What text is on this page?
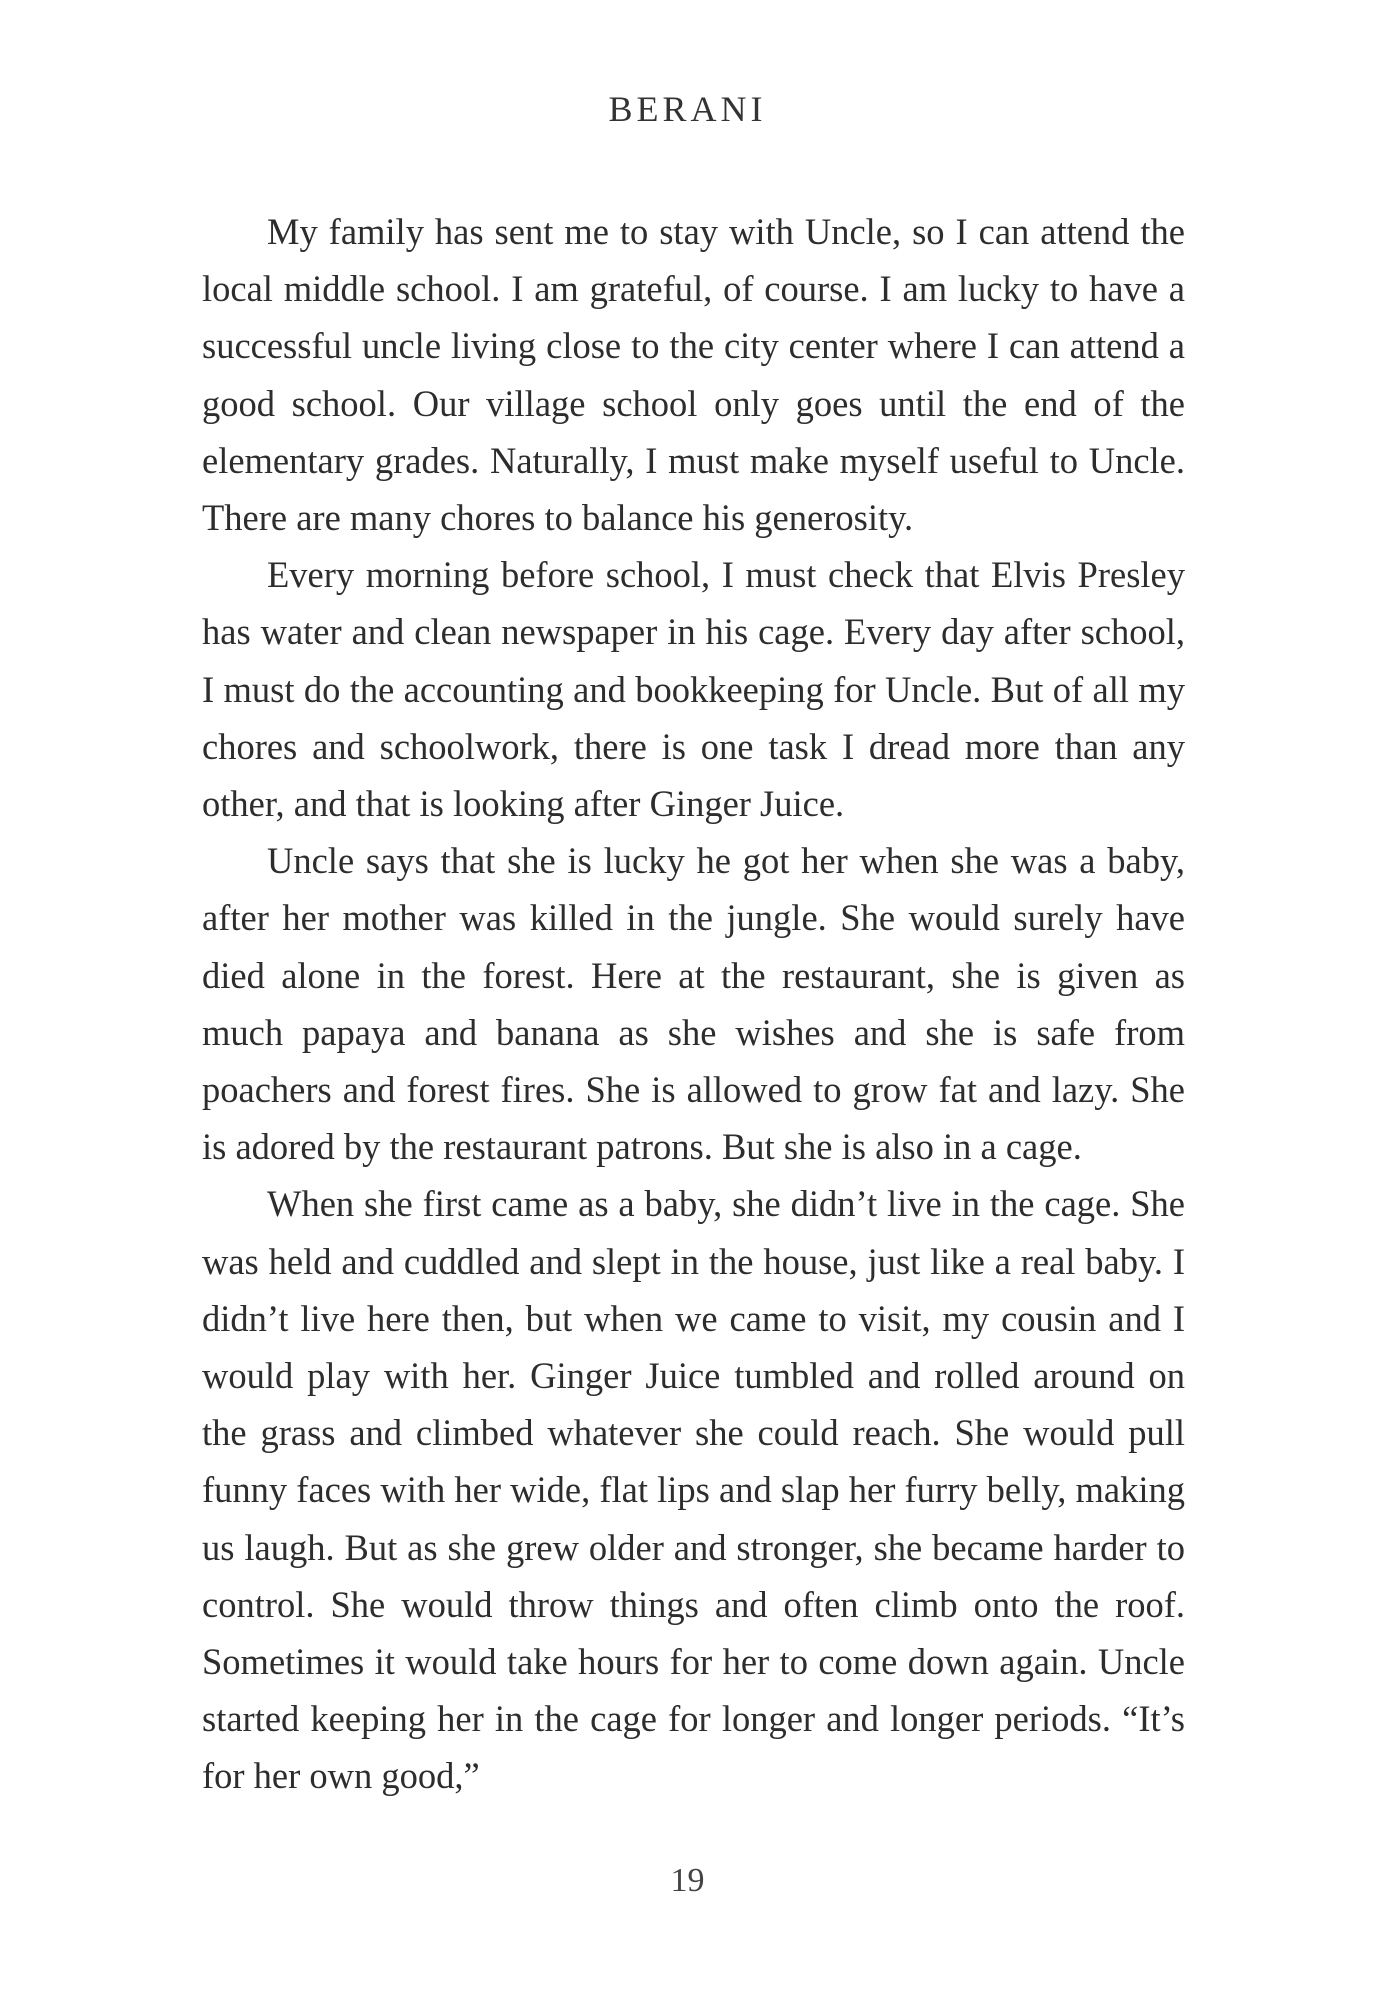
BERANI

My family has sent me to stay with Uncle, so I can attend the local middle school. I am grateful, of course. I am lucky to have a successful uncle living close to the city center where I can attend a good school. Our village school only goes until the end of the elementary grades. Naturally, I must make myself useful to Uncle. There are many chores to balance his generosity.

Every morning before school, I must check that Elvis Presley has water and clean newspaper in his cage. Every day after school, I must do the accounting and bookkeeping for Uncle. But of all my chores and schoolwork, there is one task I dread more than any other, and that is looking after Ginger Juice.

Uncle says that she is lucky he got her when she was a baby, after her mother was killed in the jungle. She would surely have died alone in the forest. Here at the restaurant, she is given as much papaya and banana as she wishes and she is safe from poachers and forest fires. She is allowed to grow fat and lazy. She is adored by the restaurant patrons. But she is also in a cage.

When she first came as a baby, she didn’t live in the cage. She was held and cuddled and slept in the house, just like a real baby. I didn’t live here then, but when we came to visit, my cousin and I would play with her. Ginger Juice tumbled and rolled around on the grass and climbed whatever she could reach. She would pull funny faces with her wide, flat lips and slap her furry belly, making us laugh. But as she grew older and stronger, she became harder to control. She would throw things and often climb onto the roof. Sometimes it would take hours for her to come down again. Uncle started keeping her in the cage for longer and longer periods. “It’s for her own good,”

19
